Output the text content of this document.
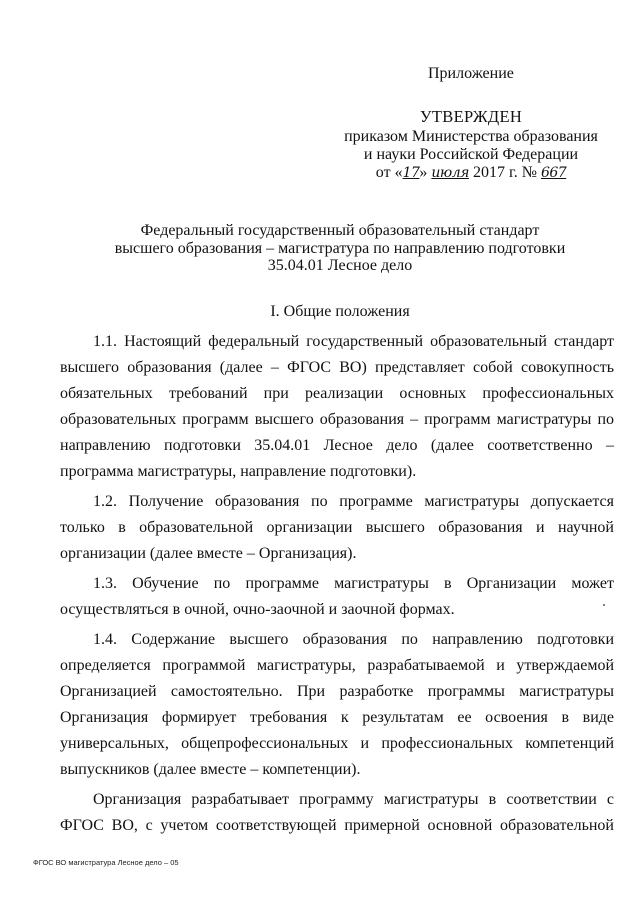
Приложение
УТВЕРЖДЕН
приказом Министерства образования
и науки Российской Федерации
от «17» июля 2017 г. № 667
Федеральный государственный образовательный стандарт
высшего образования – магистратура по направлению подготовки
35.04.01 Лесное дело
I. Общие положения

1.1. Настоящий федеральный государственный образовательный стандарт высшего образования (далее – ФГОС ВО) представляет собой совокупность обязательных требований при реализации основных профессиональных образовательных программ высшего образования – программ магистратуры по направлению подготовки 35.04.01 Лесное дело (далее соответственно – программа магистратуры, направление подготовки).

1.2. Получение образования по программе магистратуры допускается только в образовательной организации высшего образования и научной организации (далее вместе – Организация).

1.3. Обучение по программе магистратуры в Организации может осуществляться в очной, очно-заочной и заочной формах.

1.4. Содержание высшего образования по направлению подготовки определяется программой магистратуры, разрабатываемой и утверждаемой Организацией самостоятельно. При разработке программы магистратуры Организация формирует требования к результатам ее освоения в виде универсальных, общепрофессиональных и профессиональных компетенций выпускников (далее вместе – компетенции).

Организация разрабатывает программу магистратуры в соответствии с ФГОС ВО, с учетом соответствующей примерной основной образовательной

ФГОС ВО магистратура Лесное дело – 05
